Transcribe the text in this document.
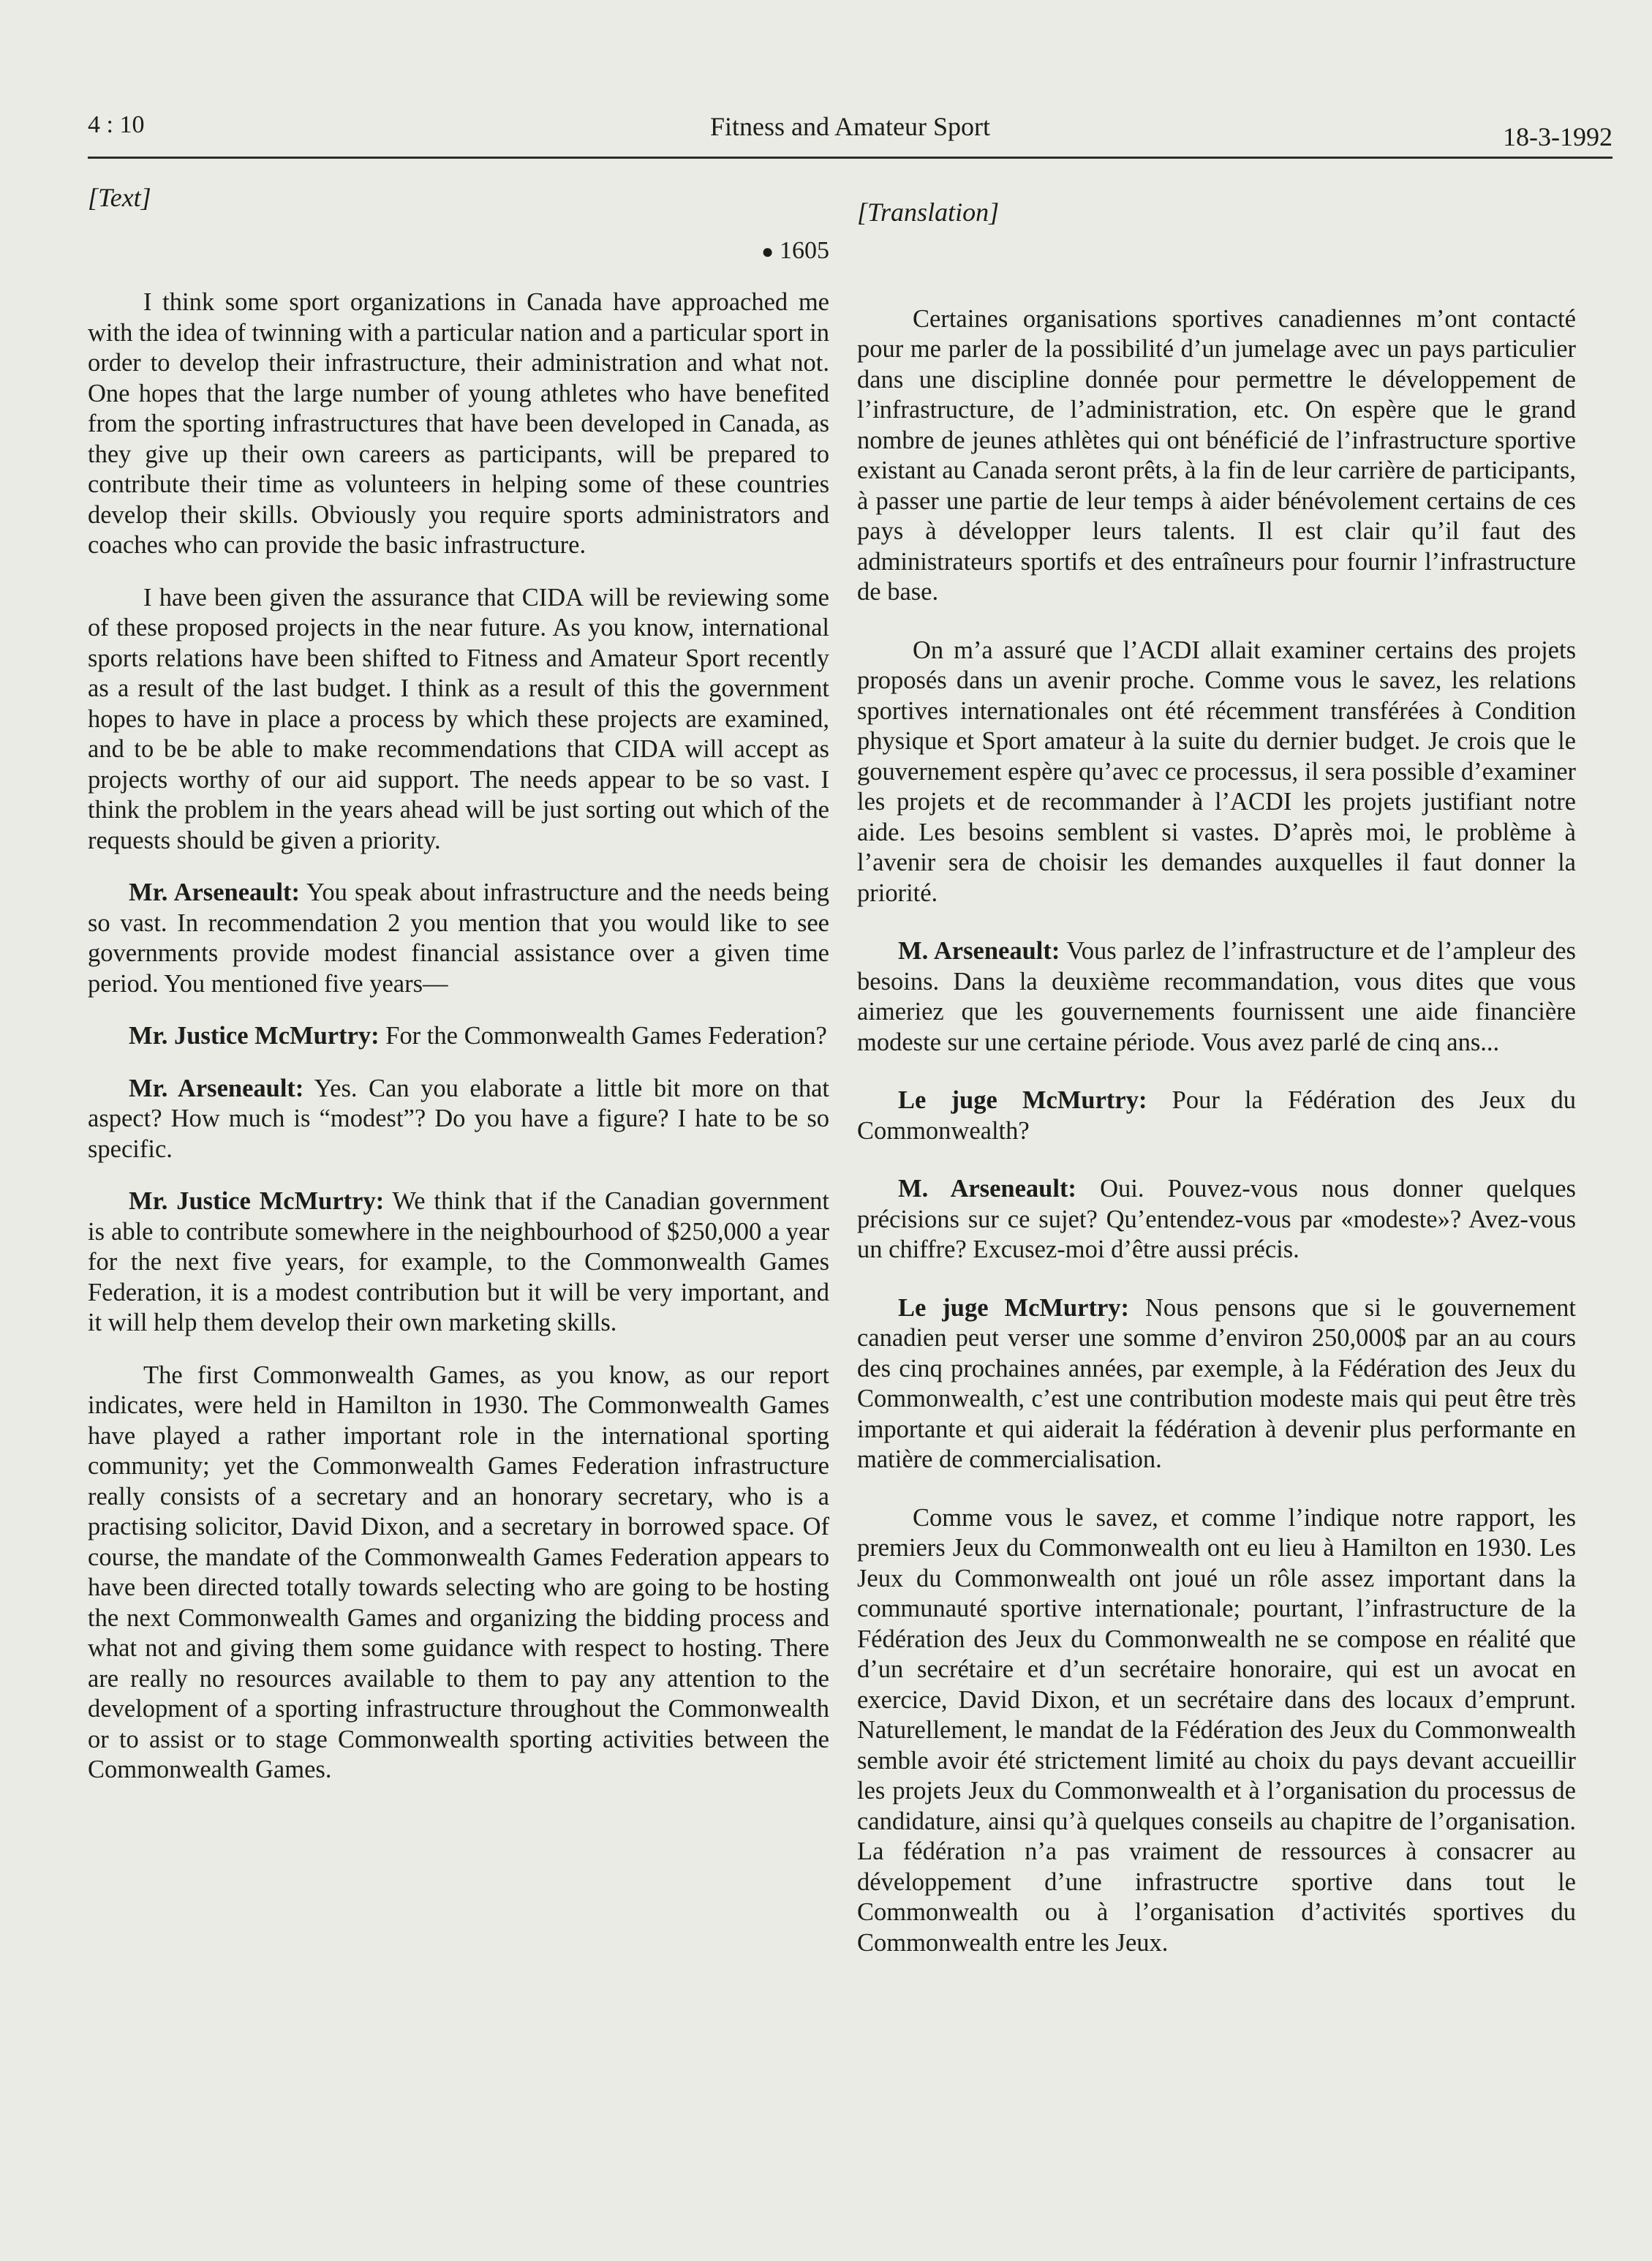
4 : 10	Fitness and Amateur Sport	18-3-1992
[Text]
● 1605

I think some sport organizations in Canada have approached me with the idea of twinning with a particular nation and a particular sport in order to develop their infrastructure, their administration and what not. One hopes that the large number of young athletes who have benefited from the sporting infrastructures that have been developed in Canada, as they give up their own careers as participants, will be prepared to contribute their time as volunteers in helping some of these countries develop their skills. Obviously you require sports administrators and coaches who can provide the basic infrastructure.

I have been given the assurance that CIDA will be reviewing some of these proposed projects in the near future. As you know, international sports relations have been shifted to Fitness and Amateur Sport recently as a result of the last budget. I think as a result of this the government hopes to have in place a process by which these projects are examined, and to be be able to make recommendations that CIDA will accept as projects worthy of our aid support. The needs appear to be so vast. I think the problem in the years ahead will be just sorting out which of the requests should be given a priority.

Mr. Arseneault: You speak about infrastructure and the needs being so vast. In recommendation 2 you mention that you would like to see governments provide modest financial assistance over a given time period. You mentioned five years—

Mr. Justice McMurtry: For the Commonwealth Games Federation?

Mr. Arseneault: Yes. Can you elaborate a little bit more on that aspect? How much is “modest”? Do you have a figure? I hate to be so specific.

Mr. Justice McMurtry: We think that if the Canadian government is able to contribute somewhere in the neighbourhood of $250,000 a year for the next five years, for example, to the Commonwealth Games Federation, it is a modest contribution but it will be very important, and it will help them develop their own marketing skills.

The first Commonwealth Games, as you know, as our report indicates, were held in Hamilton in 1930. The Commonwealth Games have played a rather important role in the international sporting community; yet the Commonwealth Games Federation infrastructure really consists of a secretary and an honorary secretary, who is a practising solicitor, David Dixon, and a secretary in borrowed space. Of course, the mandate of the Commonwealth Games Federation appears to have been directed totally towards selecting who are going to be hosting the next Commonwealth Games and organizing the bidding process and what not and giving them some guidance with respect to hosting. There are really no resources available to them to pay any attention to the development of a sporting infrastructure throughout the Commonwealth or to assist or to stage Commonwealth sporting activities between the Commonwealth Games.

[Translation]

Certaines organisations sportives canadiennes m’ont contacté pour me parler de la possibilité d’un jumelage avec un pays particulier dans une discipline donnée pour permettre le développement de l’infrastructure, de l’administration, etc. On espère que le grand nombre de jeunes athlètes qui ont bénéficié de l’infrastructure sportive existant au Canada seront prêts, à la fin de leur carrière de participants, à passer une partie de leur temps à aider bénévolement certains de ces pays à développer leurs talents. Il est clair qu’il faut des administrateurs sportifs et des entraîneurs pour fournir l’infrastructure de base.

On m’a assuré que l’ACDI allait examiner certains des projets proposés dans un avenir proche. Comme vous le savez, les relations sportives internationales ont été récemment transférées à Condition physique et Sport amateur à la suite du dernier budget. Je crois que le gouvernement espère qu’avec ce processus, il sera possible d’examiner les projets et de recommander à l’ACDI les projets justifiant notre aide. Les besoins semblent si vastes. D’après moi, le problème à l’avenir sera de choisir les demandes auxquelles il faut donner la priorité.

M. Arseneault: Vous parlez de l’infrastructure et de l’ampleur des besoins. Dans la deuxième recommandation, vous dites que vous aimeriez que les gouvernements fournissent une aide financière modeste sur une certaine période. Vous avez parlé de cinq ans...

Le juge McMurtry: Pour la Fédération des Jeux du Commonwealth?

M. Arseneault: Oui. Pouvez-vous nous donner quelques précisions sur ce sujet? Qu’entendez-vous par «modeste»? Avez-vous un chiffre? Excusez-moi d’être aussi précis.

Le juge McMurtry: Nous pensons que si le gouvernement canadien peut verser une somme d’environ 250,000$ par an au cours des cinq prochaines années, par exemple, à la Fédération des Jeux du Commonwealth, c’est une contribution modeste mais qui peut être très importante et qui aiderait la fédération à devenir plus performante en matière de commercialisation.

Comme vous le savez, et comme l’indique notre rapport, les premiers Jeux du Commonwealth ont eu lieu à Hamilton en 1930. Les Jeux du Commonwealth ont joué un rôle assez important dans la communauté sportive internationale; pourtant, l’infrastructure de la Fédération des Jeux du Commonwealth ne se compose en réalité que d’un secrétaire et d’un secrétaire honoraire, qui est un avocat en exercice, David Dixon, et un secrétaire dans des locaux d’emprunt. Naturellement, le mandat de la Fédération des Jeux du Commonwealth semble avoir été strictement limité au choix du pays devant accueillir les projets Jeux du Commonwealth et à l’organisation du processus de candidature, ainsi qu’à quelques conseils au chapitre de l’organisation. La fédération n’a pas vraiment de ressources à consacrer au développement d’une infrastructre sportive dans tout le Commonwealth ou à l’organisation d’activités sportives du Commonwealth entre les Jeux.
